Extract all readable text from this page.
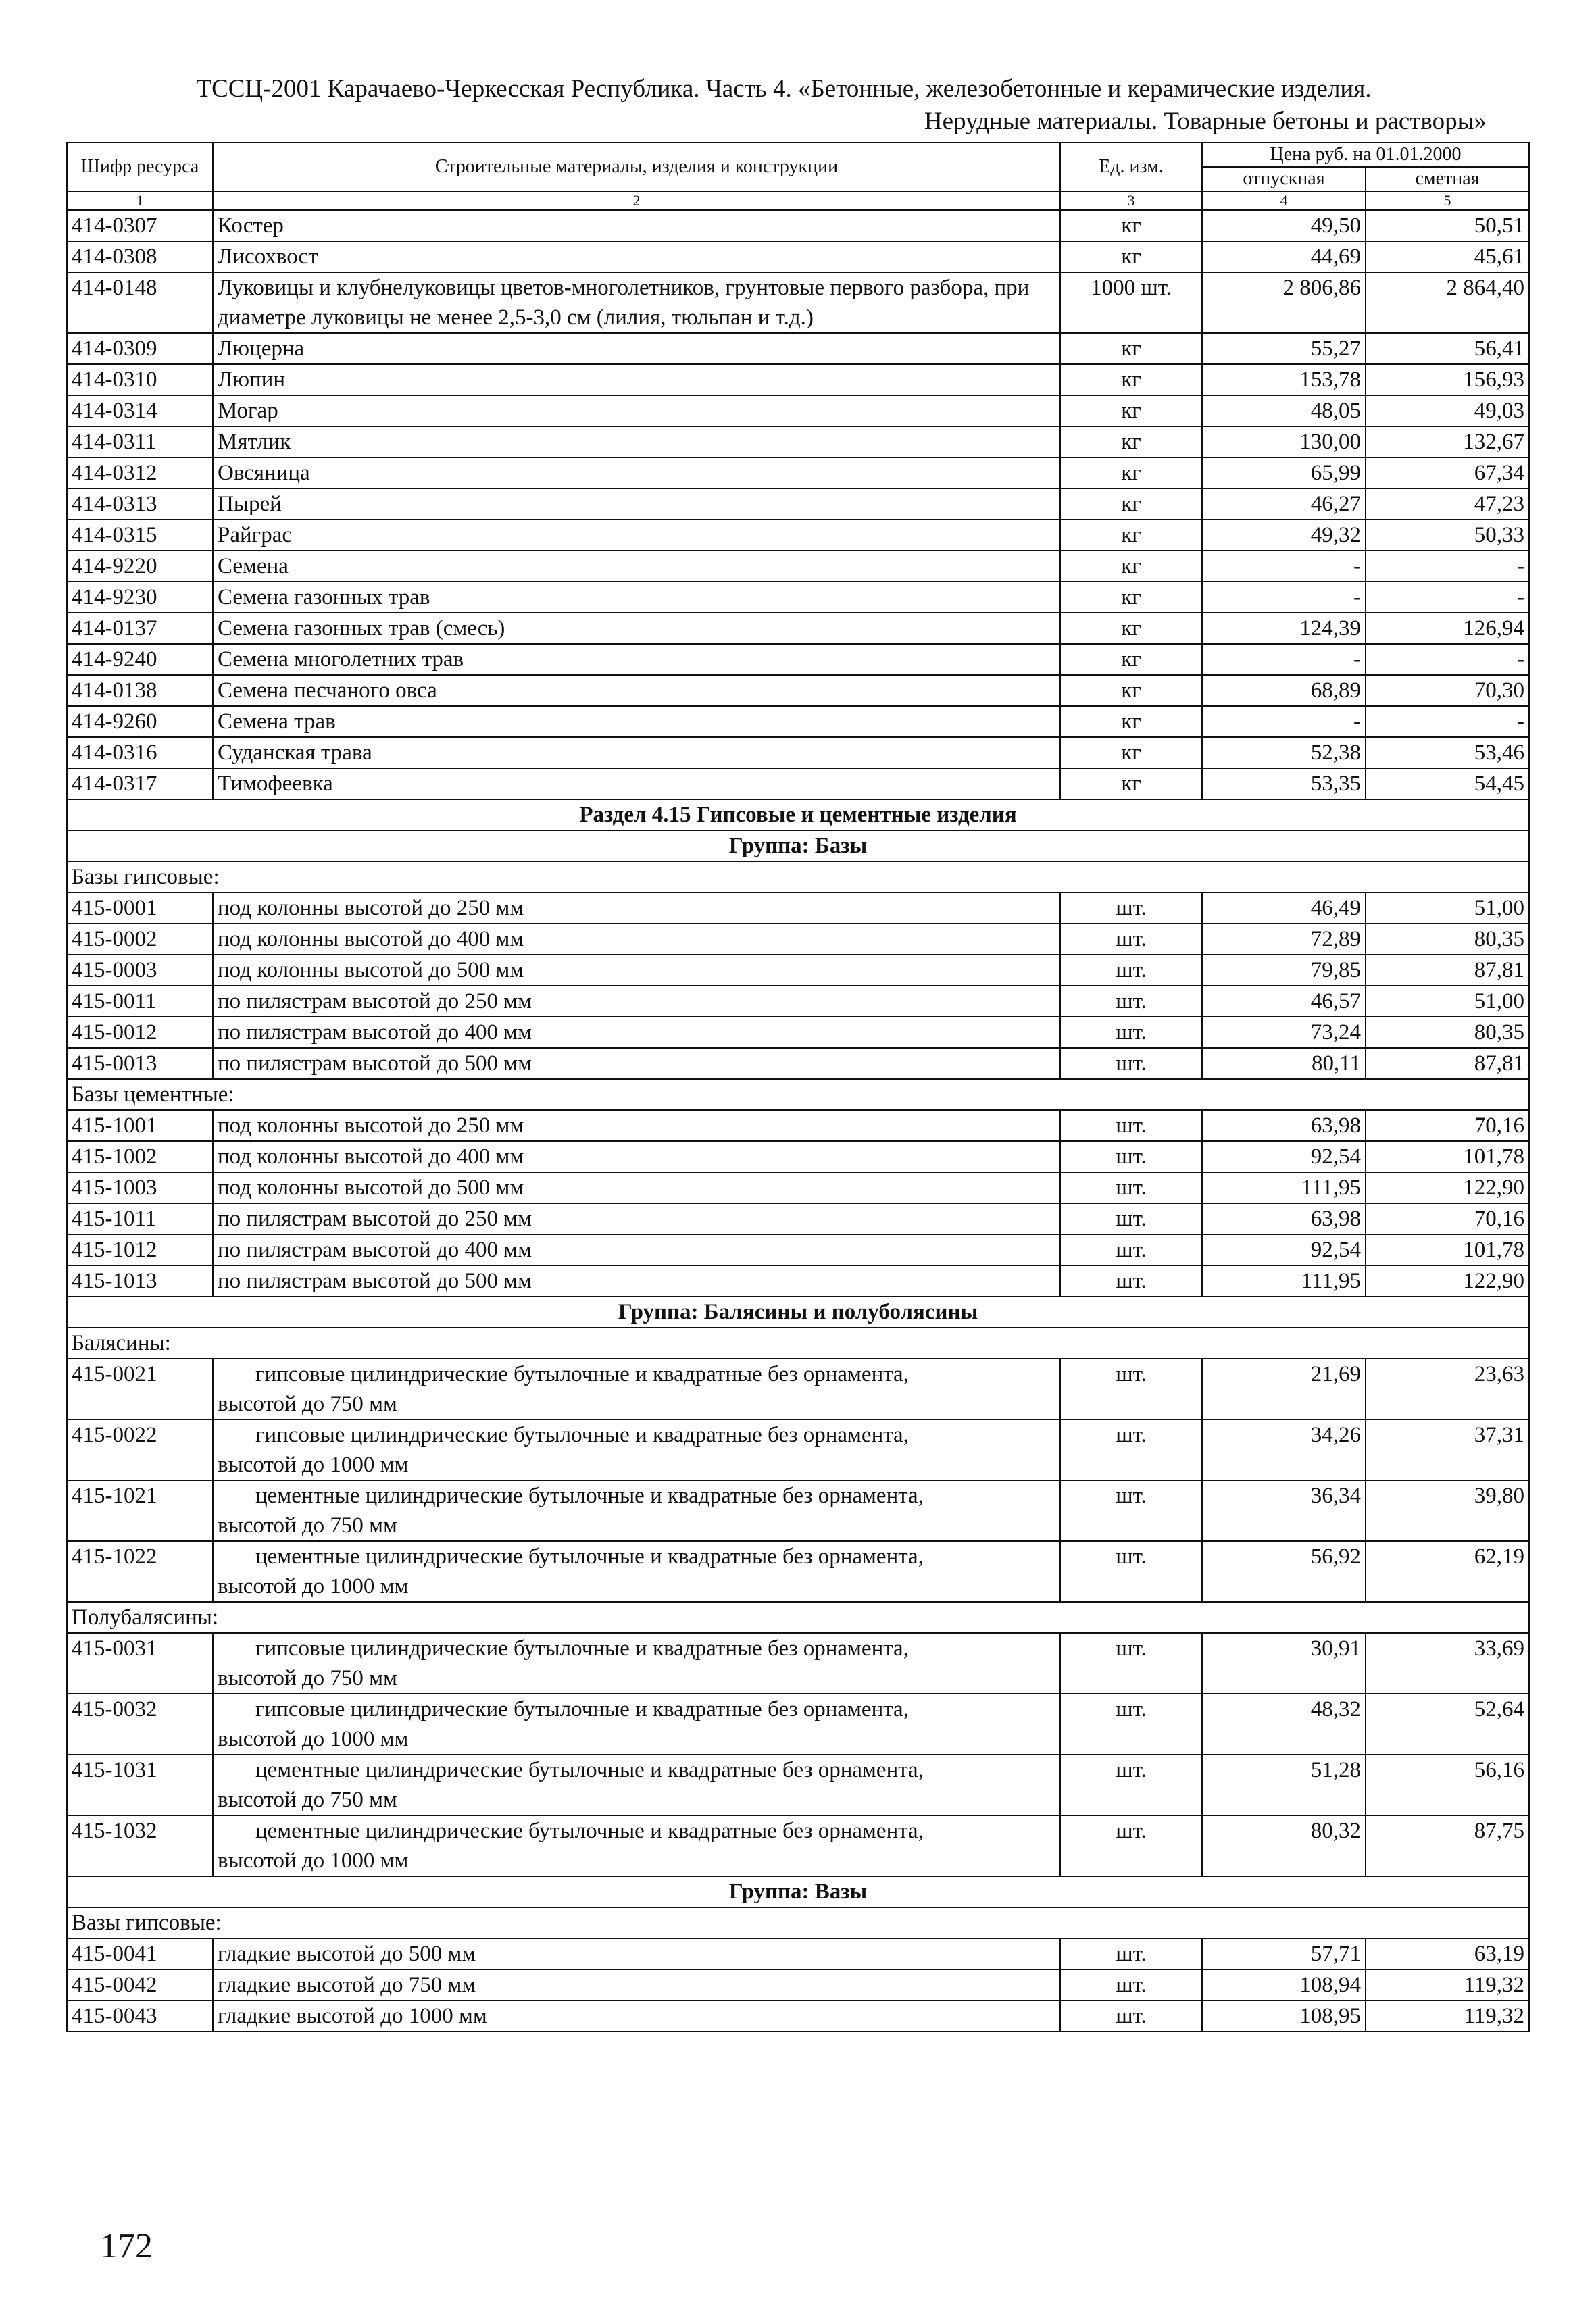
ТССЦ-2001 Карачаево-Черкесская Республика. Часть 4. «Бетонные, железобетонные и керамические изделия.
Нерудные материалы. Товарные бетоны и растворы»
Шифр ресурса	Строительные материалы, изделия и конструкции	Ед. изм.	Цена руб. на 01.01.2000	
			отпускная	сметная
1	2	3	4	5
414-0307	Костер	кг	49,50	50,51
414-0308	Лисохвост	кг	44,69	45,61
414-0148	Луковицы и клубнелуковицы цветов-многолетников, грунтовые первого разбора, при диаметре луковицы не менее 2,5-3,0 см (лилия, тюльпан и т.д.)	1000 шт.	2 806,86	2 864,40
414-0309	Люцерна	кг	55,27	56,41
414-0310	Люпин	кг	153,78	156,93
414-0314	Могар	кг	48,05	49,03
414-0311	Мятлик	кг	130,00	132,67
414-0312	Овсяница	кг	65,99	67,34
414-0313	Пырей	кг	46,27	47,23
414-0315	Райграс	кг	49,32	50,33
414-9220	Семена	кг	-	-
414-9230	Семена газонных трав	кг	-	-
414-0137	Семена газонных трав (смесь)	кг	124,39	126,94
414-9240	Семена многолетних трав	кг	-	-
414-0138	Семена песчаного овса	кг	68,89	70,30
414-9260	Семена трав	кг	-	-
414-0316	Суданская трава	кг	52,38	53,46
414-0317	Тимофеевка	кг	53,35	54,45
Раздел 4.15 Гипсовые и цементные изделия				
Группа: Базы				
Базы гипсовые:				
415-0001	под колонны высотой до 250 мм	шт.	46,49	51,00
415-0002	под колонны высотой до 400 мм	шт.	72,89	80,35
415-0003	под колонны высотой до 500 мм	шт.	79,85	87,81
415-0011	по пилястрам высотой до 250 мм	шт.	46,57	51,00
415-0012	по пилястрам высотой до 400 мм	шт.	73,24	80,35
415-0013	по пилястрам высотой до 500 мм	шт.	80,11	87,81
Базы цементные:				
415-1001	под колонны высотой до 250 мм	шт.	63,98	70,16
415-1002	под колонны высотой до 400 мм	шт.	92,54	101,78
415-1003	под колонны высотой до 500 мм	шт.	111,95	122,90
415-1011	по пилястрам высотой до 250 мм	шт.	63,98	70,16
415-1012	по пилястрам высотой до 400 мм	шт.	92,54	101,78
415-1013	по пилястрам высотой до 500 мм	шт.	111,95	122,90
Группа: Балясины и полуболясины				
Балясины:				
415-0021	гипсовые цилиндрические бутылочные и квадратные без орнамента,
высотой до 750 мм	шт.	21,69	23,63
415-0022	гипсовые цилиндрические бутылочные и квадратные без орнамента,
высотой до 1000 мм	шт.	34,26	37,31
415-1021	цементные цилиндрические бутылочные и квадратные без орнамента,
высотой до 750 мм	шт.	36,34	39,80
415-1022	цементные цилиндрические бутылочные и квадратные без орнамента,
высотой до 1000 мм	шт.	56,92	62,19
Полубалясины:				
415-0031	гипсовые цилиндрические бутылочные и квадратные без орнамента,
высотой до 750 мм	шт.	30,91	33,69
415-0032	гипсовые цилиндрические бутылочные и квадратные без орнамента,
высотой до 1000 мм	шт.	48,32	52,64
415-1031	цементные цилиндрические бутылочные и квадратные без орнамента,
высотой до 750 мм	шт.	51,28	56,16
415-1032	цементные цилиндрические бутылочные и квадратные без орнамента,
высотой до 1000 мм	шт.	80,32	87,75
Группа: Вазы				
Вазы гипсовые:				
415-0041	гладкие высотой до 500 мм	шт.	57,71	63,19
415-0042	гладкие высотой до 750 мм	шт.	108,94	119,32
415-0043	гладкие высотой до 1000 мм	шт.	108,95	119,32
172
